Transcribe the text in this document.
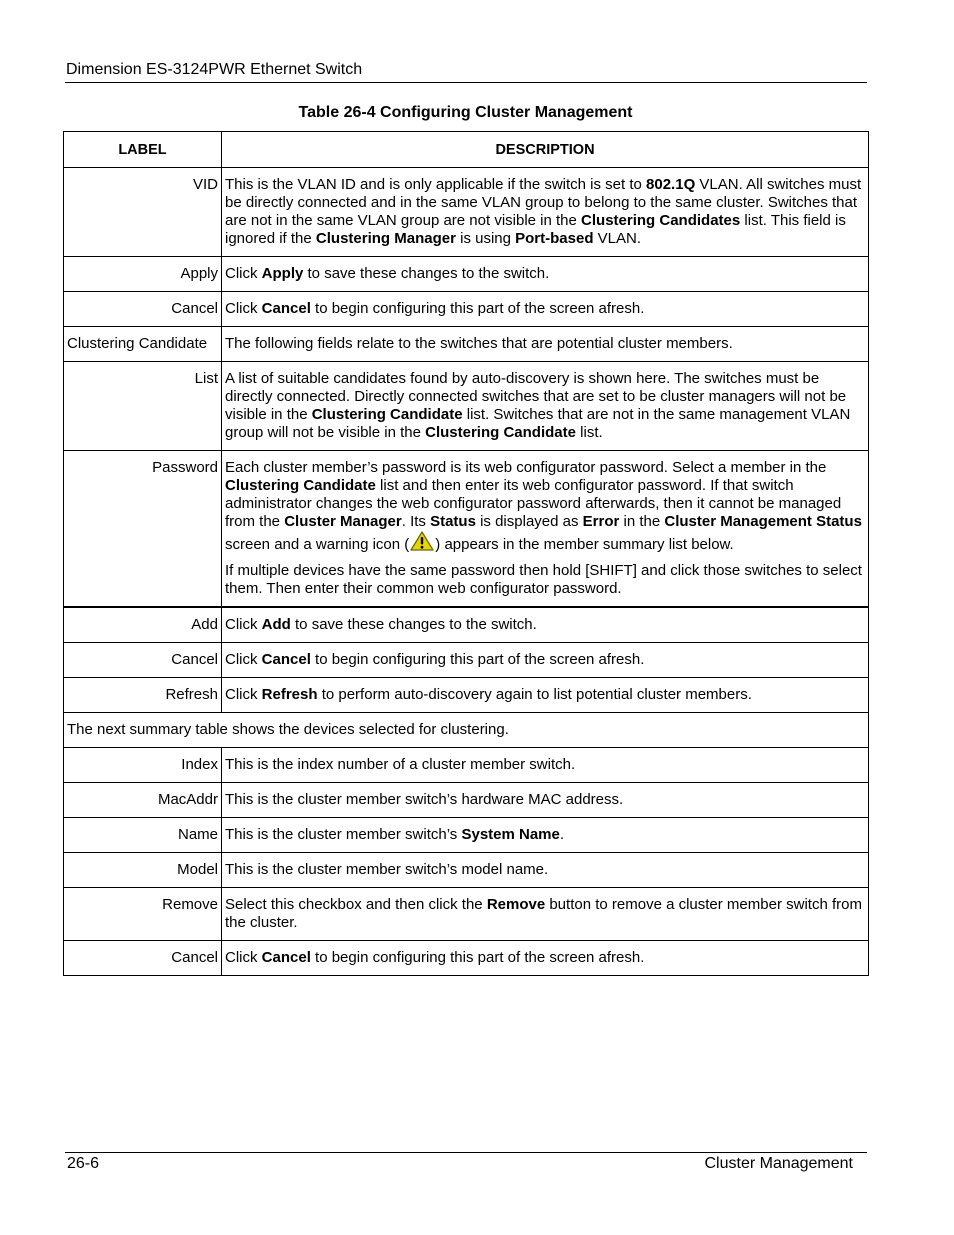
Dimension ES-3124PWR Ethernet Switch
Table 26-4 Configuring Cluster Management
LABEL	DESCRIPTION
VID	This is the VLAN ID and is only applicable if the switch is set to 802.1Q VLAN. All switches must be directly connected and in the same VLAN group to belong to the same cluster. Switches that are not in the same VLAN group are not visible in the Clustering Candidates list. This field is ignored if the Clustering Manager is using Port-based VLAN.
Apply	Click Apply to save these changes to the switch.
Cancel	Click Cancel to begin configuring this part of the screen afresh.
Clustering Candidate	The following fields relate to the switches that are potential cluster members.
List	A list of suitable candidates found by auto-discovery is shown here. The switches must be directly connected. Directly connected switches that are set to be cluster managers will not be visible in the Clustering Candidate list. Switches that are not in the same management VLAN group will not be visible in the Clustering Candidate list.
Password	Each cluster member’s password is its web configurator password. Select a member in the Clustering Candidate list and then enter its web configurator password. If that switch administrator changes the web configurator password afterwards, then it cannot be managed from the Cluster Manager. Its Status is displayed as Error in the Cluster Management Status screen and a warning icon ( ) appears in the member summary list below.

If multiple devices have the same password then hold [SHIFT] and click those switches to select them. Then enter their common web configurator password.

Add	Click Add to save these changes to the switch.
Cancel	Click Cancel to begin configuring this part of the screen afresh.
Refresh	Click Refresh to perform auto-discovery again to list potential cluster members.
The next summary table shows the devices selected for clustering.	
Index	This is the index number of a cluster member switch.
MacAddr	This is the cluster member switch’s hardware MAC address.
Name	This is the cluster member switch’s System Name.
Model	This is the cluster member switch’s model name.
Remove	Select this checkbox and then click the Remove button to remove a cluster member switch from the cluster.
Cancel	Click Cancel to begin configuring this part of the screen afresh.
26-6	Cluster Management
